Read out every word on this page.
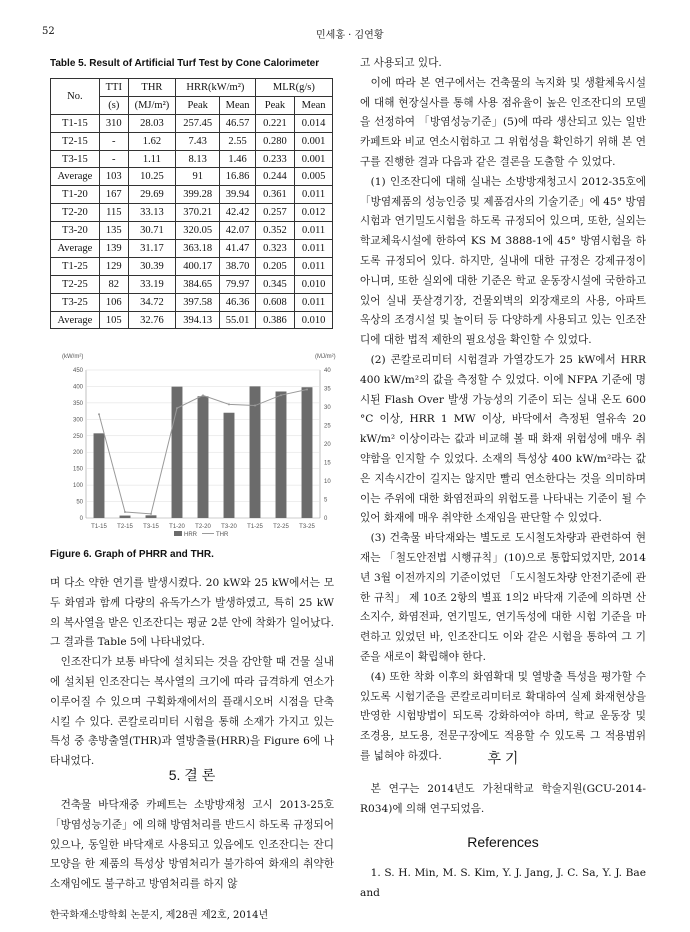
52	민세홍 · 김연황
Table 5. Result of Artificial Turf Test by Cone Calorimeter
No.	TTI	THR	HRR(kW/m²)		MLR(g/s)	
	(s)	(MJ/m²)	Peak	Mean	Peak	Mean
T1-15	310	28.03	257.45	46.57	0.221	0.014
T2-15	-	1.62	7.43	2.55	0.280	0.001
T3-15	-	1.11	8.13	1.46	0.233	0.001
Average	103	10.25	91	16.86	0.244	0.005
T1-20	167	29.69	399.28	39.94	0.361	0.011
T2-20	115	33.13	370.21	42.42	0.257	0.012
T3-20	135	30.71	320.05	42.07	0.352	0.011
Average	139	31.17	363.18	41.47	0.323	0.011
T1-25	129	30.39	400.17	38.70	0.205	0.011
T2-25	82	33.19	384.65	79.97	0.345	0.010
T3-25	106	34.72	397.58	46.36	0.608	0.011
Average	105	32.76	394.13	55.01	0.386	0.010
(kW/m²)	(MJ/m²)
0
50
100
150
200
250
300
350
400
450
0
5
10
15
20
25
30
35
40
T1-15 T2-15 T3-15 T1-20 T2-20 T3-20 T1-25 T2-25 T3-25
HRR	THR
Figure 6. Graph of PHRR and THR.

며 다소 약한 연기를 발생시켰다. 20 kW와 25 kW에서는 모두 화염과 함께 다량의 유독가스가 발생하였고, 특히 25 kW의 복사열을 받은 인조잔디는 평균 2분 안에 착화가 일어났다. 그 결과를 Table 5에 나타내었다.

인조잔디가 보통 바닥에 설치되는 것을 감안할 때 건물 실내에 설치된 인조잔디는 복사열의 크기에 따라 급격하게 연소가 이루어질 수 있으며 구획화재에서의 플래시오버 시점을 단축시킬 수 있다. 콘칼로리미터 시험을 통해 소재가 가지고 있는 특성 중 총방출열(THR)과 열방출률(HRR)을 Figure 6에 나타내었다.

5. 결 론

건축물 바닥재중 카페트는 소방방재청 고시 2013-25호 「방염성능기준」에 의해 방염처리를 반드시 하도록 규정되어 있으나, 동일한 바닥재로 사용되고 있음에도 인조잔디는 잔디모양을 한 제품의 특성상 방염처리가 불가하여 화재의 취약한 소재임에도 불구하고 방염처리를 하지 않

고 사용되고 있다.

이에 따라 본 연구에서는 건축물의 녹지화 및 생활체육시설에 대해 현장실사를 통해 사용 점유율이 높은 인조잔디의 모델을 선정하여 「방염성능기준」(5)에 따라 생산되고 있는 일반 카페트와 비교 연소시험하고 그 위험성을 확인하기 위해 본 연구를 진행한 결과 다음과 같은 결론을 도출할 수 있었다.

(1) 인조잔디에 대해 실내는 소방방재청고시 2012-35호에 「방염제품의 성능인증 및 제품검사의 기술기준」에 45° 방염시험과 연기밀도시험을 하도록 규정되어 있으며, 또한, 실외는 학교체육시설에 한하여 KS M 3888-1에 45° 방염시험을 하도록 규정되어 있다. 하지만, 실내에 대한 규정은 강제규정이 아니며, 또한 실외에 대한 기준은 학교 운동장시설에 국한하고 있어 실내 풋살경기장, 건물외벽의 외장재로의 사용, 아파트 옥상의 조경시설 및 놀이터 등 다양하게 사용되고 있는 인조잔디에 대한 법적 제한의 필요성을 확인할 수 있었다.

(2) 콘칼로리미터 시험결과 가열강도가 25 kW에서 HRR 400 kW/m²의 값을 측정할 수 있었다. 이에 NFPA 기준에 명시된 Flash Over 발생 가능성의 기준이 되는 실내 온도 600 °C 이상, HRR 1 MW 이상, 바닥에서 측정된 열유속 20 kW/m² 이상이라는 값과 비교해 볼 때 화재 위험성에 매우 취약함을 인지할 수 있었다. 소재의 특성상 400 kW/m²라는 값은 지속시간이 길지는 않지만 빨리 연소한다는 것을 의미하며 이는 주위에 대한 화염전파의 위험도를 나타내는 기준이 될 수 있어 화재에 매우 취약한 소재임을 판단할 수 있었다.

(3) 건축물 바닥재와는 별도로 도시철도차량과 관련하여 현재는 「철도안전법 시행규칙」(10)으로 통합되었지만, 2014년 3월 이전까지의 기준이었던 「도시철도차량 안전기준에 관한 규칙」 제 10조 2항의 별표 1의2 바닥재 기준에 의하면 산소지수, 화염전파, 연기밀도, 연기독성에 대한 시험 기준을 마련하고 있었던 바, 인조잔디도 이와 같은 시험을 통하여 그 기준을 새로이 확립해야 한다.

(4) 또한 착화 이후의 화염확대 및 열방출 특성을 평가할 수 있도록 시험기준을 콘칼로리미터로 확대하여 실제 화재현상을 반영한 시험방법이 되도록 강화하여야 하며, 학교 운동장 및 조경용, 보도용, 전문구장에도 적용할 수 있도록 그 적용범위를 넓혀야 하겠다.	후 기

본 연구는 2014년도 가천대학교 학술지원(GCU-2014-R034)에 의해 연구되었음.

References

1. S. H. Min, M. S. Kim, Y. J. Jang, J. C. Sa, Y. J. Bae and

한국화재소방학회 논문지, 제28권 제2호, 2014년
